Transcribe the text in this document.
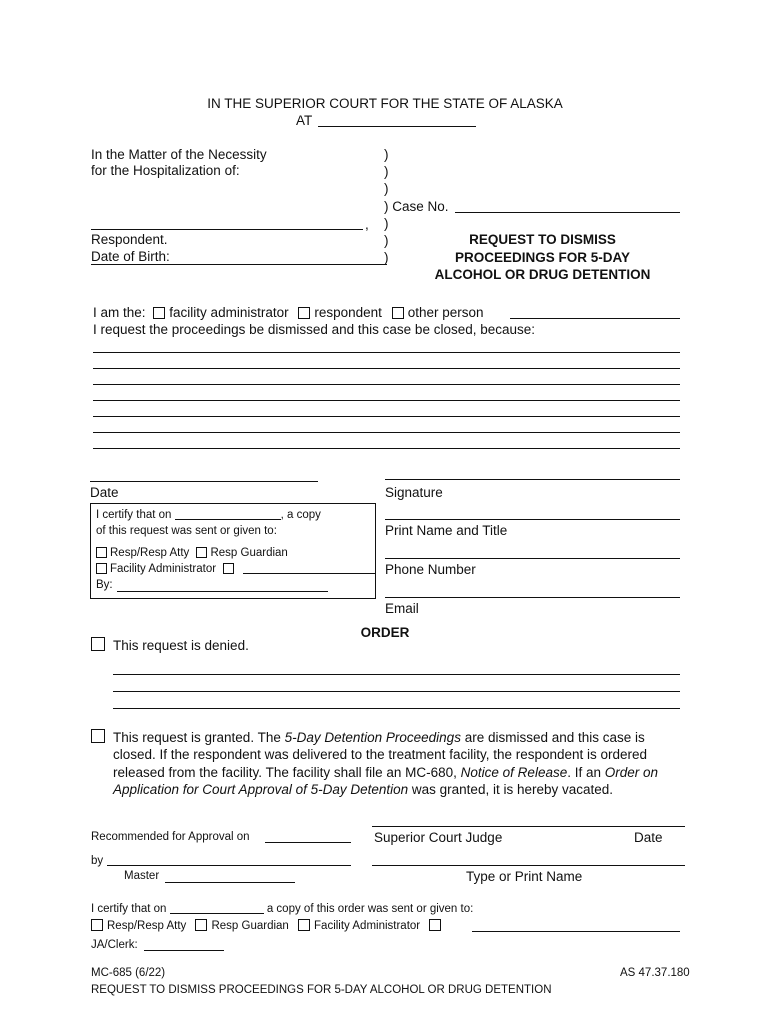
IN THE SUPERIOR COURT FOR THE STATE OF ALASKA
AT
In the Matter of the Necessity
for the Hospitalization of:
,
Respondent.
Date of Birth:
)
)
)
) Case No.
)
)
)
REQUEST TO DISMISS
PROCEEDINGS FOR 5-DAY
ALCOHOL OR DRUG DETENTION
I am the: facility administrator respondent other person
I request the proceedings be dismissed and this case be closed, because:
Date	Signature
Print Name and Title
Phone Number
Email
I certify that on	, a copy
of this request was sent or given to:
Resp/Resp Atty Resp Guardian
Facility Administrator
By:
ORDER
This request is denied.
This request is granted. The 5-Day Detention Proceedings are dismissed and this case is
closed. If the respondent was delivered to the treatment facility, the respondent is ordered
released from the facility. The facility shall file an MC-680, Notice of Release. If an Order on
Application for Court Approval of 5-Day Detention was granted, it is hereby vacated.
Recommended for Approval on	Superior Court Judge	Date
by
Master	Type or Print Name
I certify that on	a copy of this order was sent or given to:
Resp/Resp Atty Resp Guardian Facility Administrator
JA/Clerk:
MC-685 (6/22)
REQUEST TO DISMISS PROCEEDINGS FOR 5-DAY ALCOHOL OR DRUG DETENTION
AS 47.37.180
